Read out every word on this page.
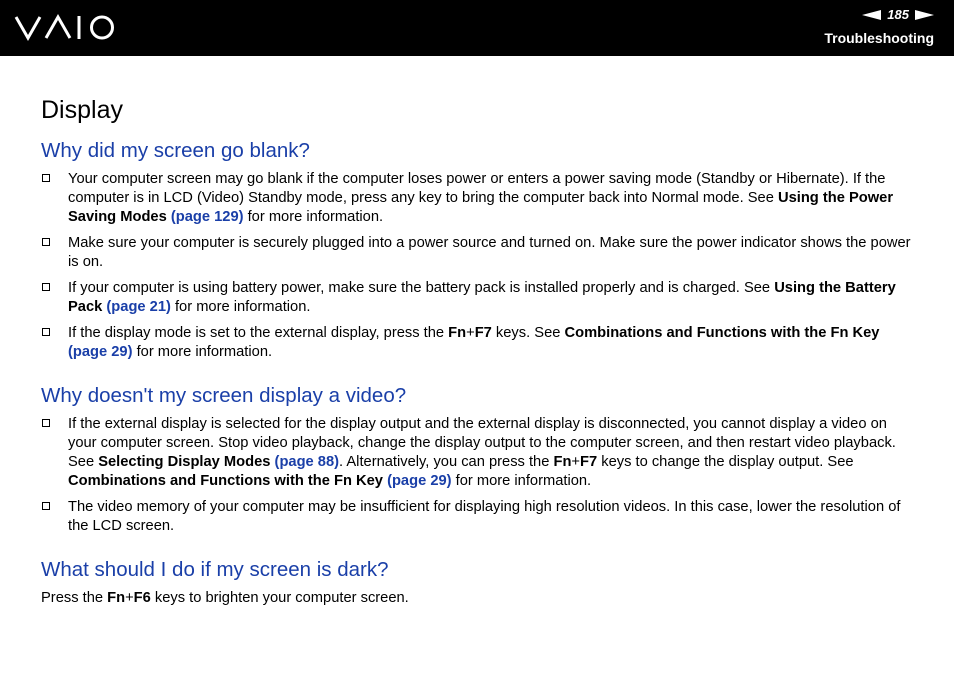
185
Troubleshooting
Display
Why did my screen go blank?
Your computer screen may go blank if the computer loses power or enters a power saving mode (Standby or Hibernate). If the computer is in LCD (Video) Standby mode, press any key to bring the computer back into Normal mode. See Using the Power Saving Modes (page 129) for more information.
Make sure your computer is securely plugged into a power source and turned on. Make sure the power indicator shows the power is on.
If your computer is using battery power, make sure the battery pack is installed properly and is charged. See Using the Battery Pack (page 21) for more information.
If the display mode is set to the external display, press the Fn+F7 keys. See Combinations and Functions with the Fn Key (page 29) for more information.
Why doesn't my screen display a video?
If the external display is selected for the display output and the external display is disconnected, you cannot display a video on your computer screen. Stop video playback, change the display output to the computer screen, and then restart video playback. See Selecting Display Modes (page 88). Alternatively, you can press the Fn+F7 keys to change the display output. See Combinations and Functions with the Fn Key (page 29) for more information.
The video memory of your computer may be insufficient for displaying high resolution videos. In this case, lower the resolution of the LCD screen.
What should I do if my screen is dark?

Press the Fn+F6 keys to brighten your computer screen.
